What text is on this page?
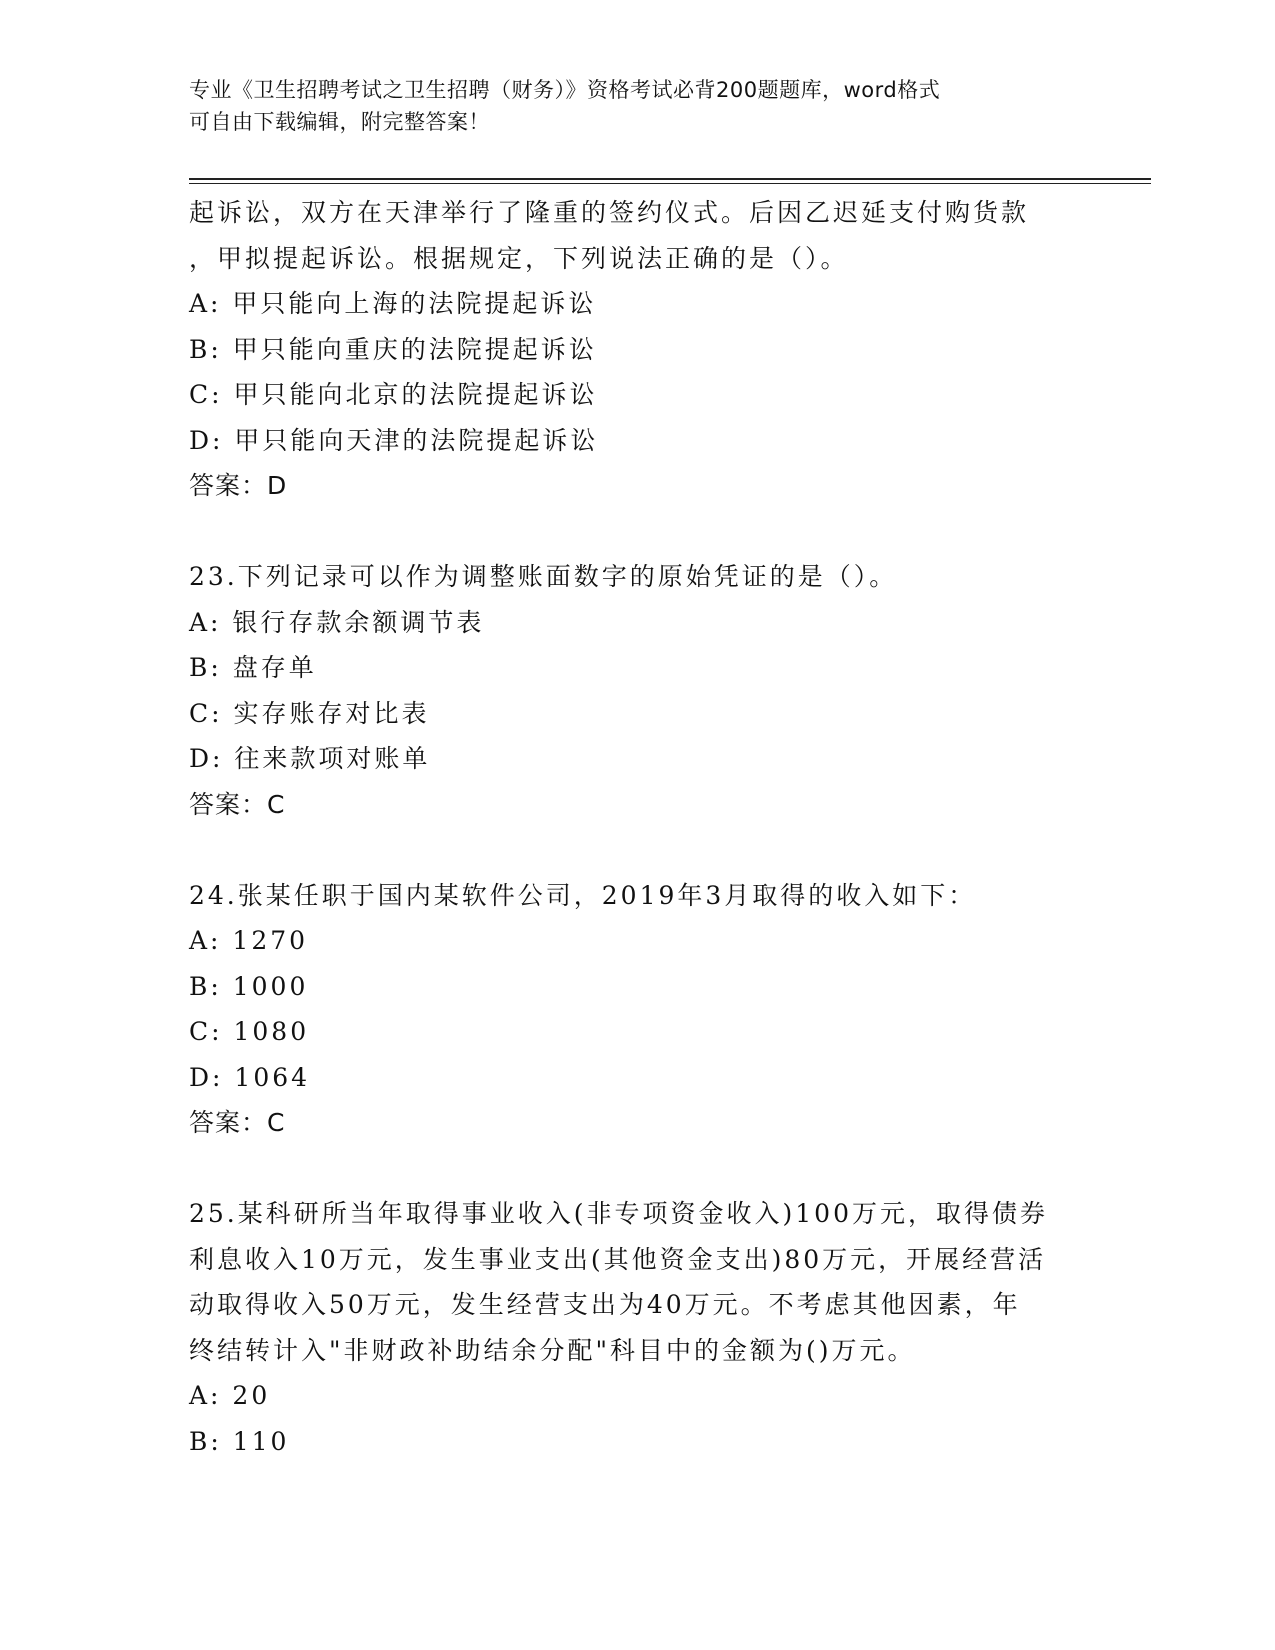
专业《卫生招聘考试之卫生招聘（财务）》资格考试必背200题题库，word格式
可自由下载编辑，附完整答案！
起诉讼，双方在天津举行了隆重的签约仪式。后因乙迟延支付购货款
，甲拟提起诉讼。根据规定，下列说法正确的是（）。
A: 甲只能向上海的法院提起诉讼
B: 甲只能向重庆的法院提起诉讼
C: 甲只能向北京的法院提起诉讼
D: 甲只能向天津的法院提起诉讼
答案：D
23.下列记录可以作为调整账面数字的原始凭证的是（）。
A: 银行存款余额调节表
B: 盘存单
C: 实存账存对比表
D: 往来款项对账单
答案：C
24.张某任职于国内某软件公司，2019年3月取得的收入如下：
A: 1270
B: 1000
C: 1080
D: 1064
答案：C
25.某科研所当年取得事业收入(非专项资金收入)100万元，取得债券
利息收入10万元，发生事业支出(其他资金支出)80万元，开展经营活
动取得收入50万元，发生经营支出为40万元。不考虑其他因素，年
终结转计入"非财政补助结余分配"科目中的金额为()万元。
A: 20
B: 110
